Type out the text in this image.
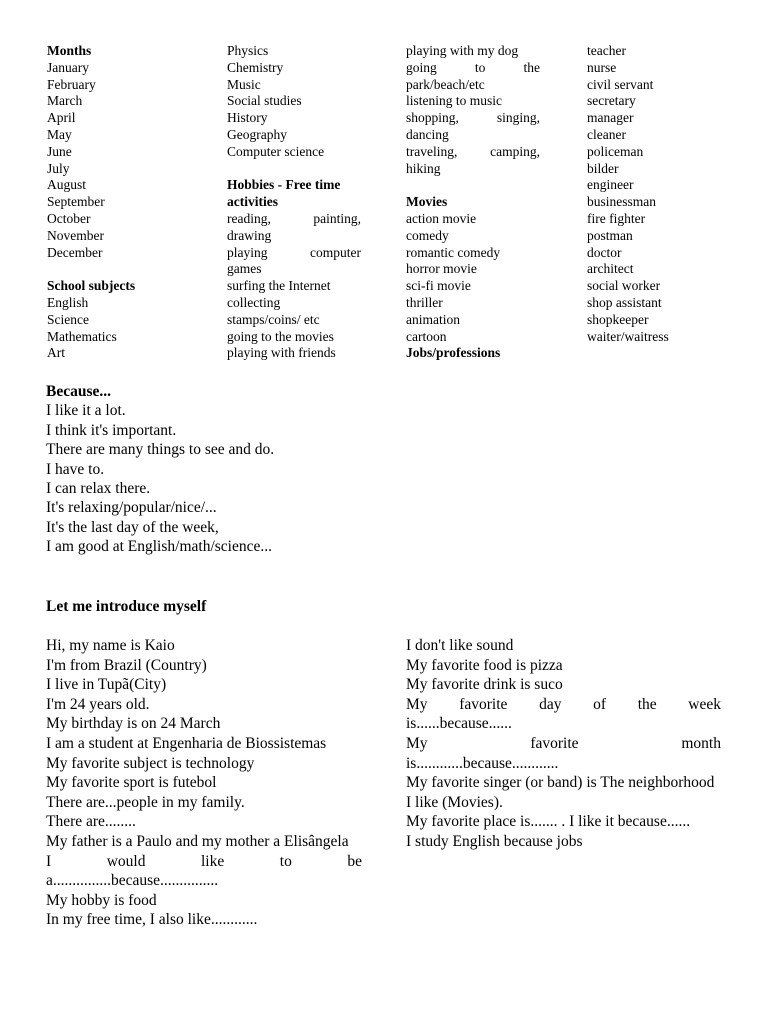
Months
January
February
March
April
May
June
July
August
September
October
November
December

School subjects
English
Science
Mathematics
Art
Physics
Chemistry
Music
Social studies
History
Geography
Computer science

Hobbies - Free time
activities
reading,	painting,
drawing
playing	computer
games
surfing the Internet
collecting
stamps/coins/ etc
going to the movies
playing with friends
playing with my dog
going	to	the
park/beach/etc
listening to music
shopping,	singing,
dancing
traveling, camping,
hiking

Movies
action movie
comedy
romantic comedy
horror movie
sci-fi movie
thriller
animation
cartoon
Jobs/professions
teacher
nurse
civil servant
secretary
manager
cleaner
policeman
bilder
engineer
businessman
fire fighter
postman
doctor
architect
social worker
shop assistant
shopkeeper
waiter/waitress
Because...
I like it a lot.
I think it's important.
There are many things to see and do.
I have to.
I can relax there.
It's relaxing/popular/nice/...
It's the last day of the week,
I am good at English/math/science...
Let me introduce myself
Hi, my name is Kaio
I'm from Brazil (Country)
I live in Tupã(City)
I'm 24 years old.
My birthday is on 24 March
I am a student at Engenharia de Biossistemas
My favorite subject is technology
My favorite sport is futebol
There are...people in my family.
There are........
My father is a Paulo and my mother a Elisângela
I	would	like	to	be
a...............because...............
My hobby is food
In my free time, I also like............
I don't like sound
My favorite food is pizza
My favorite drink is suco
My favorite day of the week
is......because......
My	favorite	month
is............because............
My favorite singer (or band) is The neighborhood
I like (Movies).
My favorite place is....... . I like it because......
I study English because jobs
